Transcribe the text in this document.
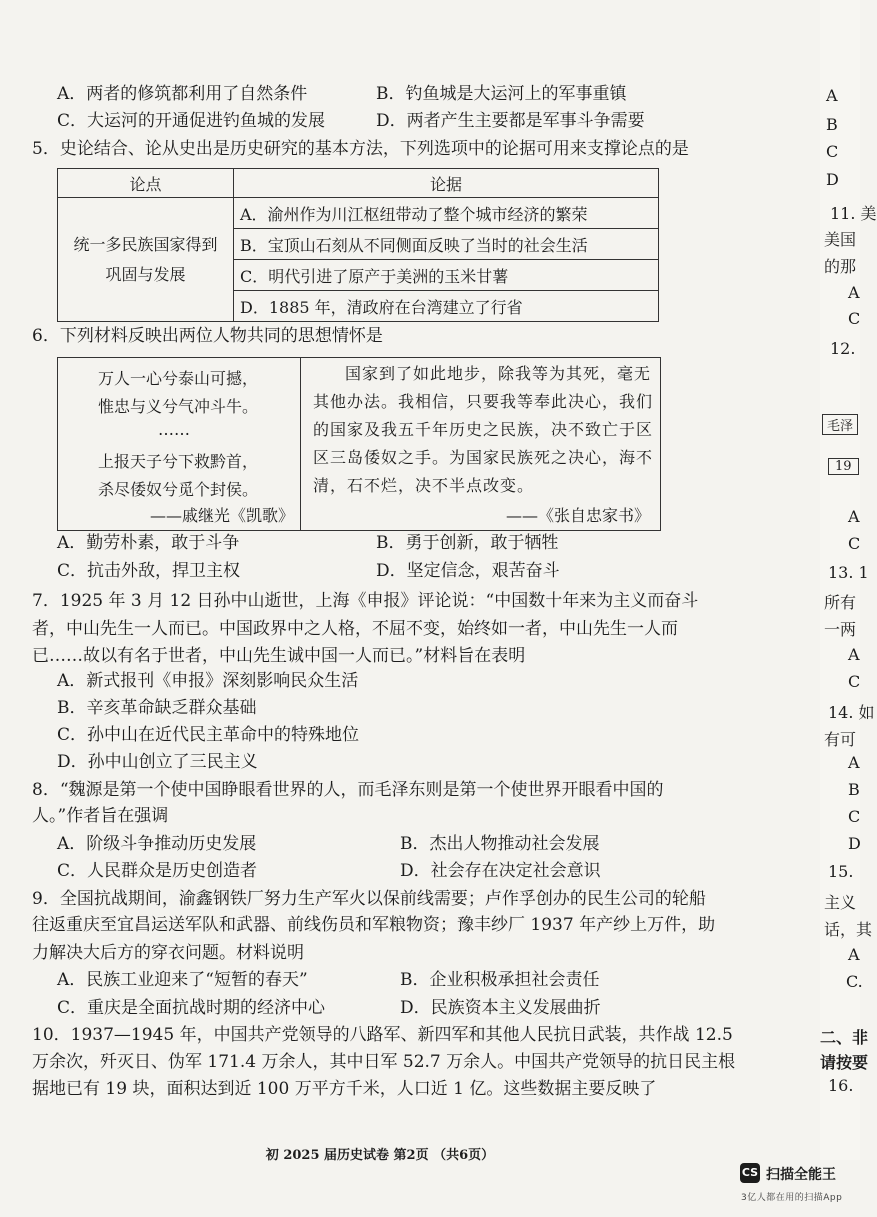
A．两者的修筑都利用了自然条件	B．钓鱼城是大运河上的军事重镇
C．大运河的开通促进钓鱼城的发展	D．两者产生主要都是军事斗争需要
5．史论结合、论从史出是历史研究的基本方法，下列选项中的论据可用来支撑论点的是
论点	论据

统一多民族国家得到
巩固与发展	A．渝州作为川江枢纽带动了整个城市经济的繁荣
	B．宝顶山石刻从不同侧面反映了当时的社会生活
	C．明代引进了原产于美洲的玉米甘薯
	D．1885 年，清政府在台湾建立了行省
6．下列材料反映出两位人物共同的思想情怀是
万人一心兮泰山可撼，
惟忠与义兮气冲斗牛。
……
上报天子兮下救黔首，
杀尽倭奴兮觅个封侯。
——戚继光《凯歌》
国家到了如此地步，除我等为其死，毫无其他办法。我相信，只要我等奉此决心，我们的国家及我五千年历史之民族，决不致亡于区区三岛倭奴之手。为国家民族死之决心，海不清，石不烂，决不半点改变。
——《张自忠家书》
A．勤劳朴素，敢于斗争	B．勇于创新，敢于牺牲
C．抗击外敌，捍卫主权	D．坚定信念，艰苦奋斗
7．1925 年 3 月 12 日孙中山逝世，上海《申报》评论说：“中国数十年来为主义而奋斗
者，中山先生一人而已。中国政界中之人格，不屈不变，始终如一者，中山先生一人而
已……故以有名于世者，中山先生诚中国一人而已。”材料旨在表明
A．新式报刊《申报》深刻影响民众生活
B．辛亥革命缺乏群众基础
C．孙中山在近代民主革命中的特殊地位
D．孙中山创立了三民主义
8．“魏源是第一个使中国睁眼看世界的人，而毛泽东则是第一个使世界开眼看中国的
人。”作者旨在强调
A．阶级斗争推动历史发展	B．杰出人物推动社会发展
C．人民群众是历史创造者	D．社会存在决定社会意识
9．全国抗战期间，渝鑫钢铁厂努力生产军火以保前线需要；卢作孚创办的民生公司的轮船
往返重庆至宜昌运送军队和武器、前线伤员和军粮物资；豫丰纱厂 1937 年产纱上万件，助
力解决大后方的穿衣问题。材料说明
A．民族工业迎来了“短暂的春天”	B．企业积极承担社会责任
C．重庆是全面抗战时期的经济中心	D．民族资本主义发展曲折
10．1937—1945 年，中国共产党领导的八路军、新四军和其他人民抗日武装，共作战 12.5
万余次，歼灭日、伪军 171.4 万余人，其中日军 52.7 万余人。中国共产党领导的抗日民主根
据地已有 19 块，面积达到近 100 万平方千米，人口近 1 亿。这些数据主要反映了
初 2025 届历史试卷 第2页 （共6页）
A
B
C
D
11. 美
美国
的那
A
C
12.
毛泽
19
A
C
13. 1
所有
一两
A
C
14. 如
有可
A
B
C
D
15.
主义
话，其
A
C.
二、非
请按要
16.
CS 扫描全能王
3亿人都在用的扫描App
